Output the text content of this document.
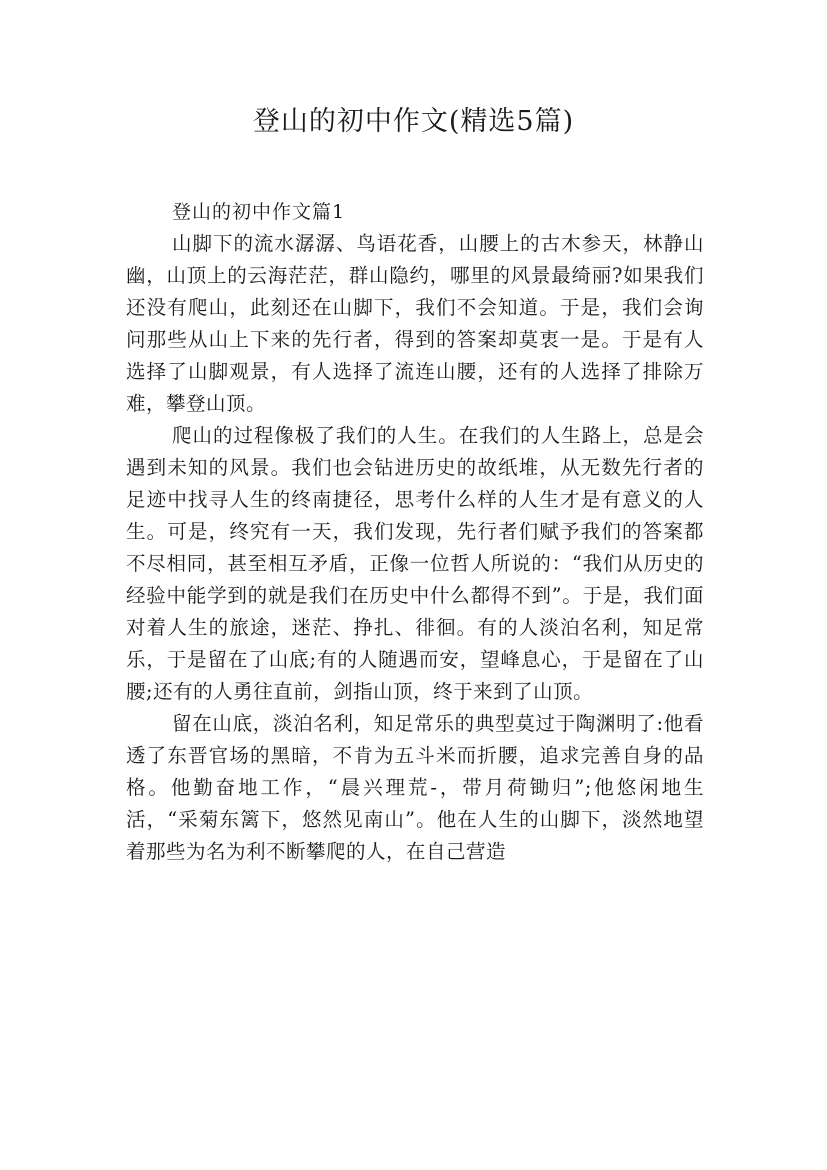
登山的初中作文(精选5篇)

登山的初中作文篇1

山脚下的流水潺潺、鸟语花香，山腰上的古木参天，林静山幽，山顶上的云海茫茫，群山隐约，哪里的风景最绮丽?如果我们还没有爬山，此刻还在山脚下，我们不会知道。于是，我们会询问那些从山上下来的先行者，得到的答案却莫衷一是。于是有人选择了山脚观景，有人选择了流连山腰，还有的人选择了排除万难，攀登山顶。

爬山的过程像极了我们的人生。在我们的人生路上，总是会遇到未知的风景。我们也会钻进历史的故纸堆，从无数先行者的足迹中找寻人生的终南捷径，思考什么样的人生才是有意义的人生。可是，终究有一天，我们发现，先行者们赋予我们的答案都不尽相同，甚至相互矛盾，正像一位哲人所说的：“我们从历史的经验中能学到的就是我们在历史中什么都得不到”。于是，我们面对着人生的旅途，迷茫、挣扎、徘徊。有的人淡泊名利，知足常乐，于是留在了山底;有的人随遇而安，望峰息心，于是留在了山腰;还有的人勇往直前，剑指山顶，终于来到了山顶。

留在山底，淡泊名利，知足常乐的典型莫过于陶渊明了:他看透了东晋官场的黑暗，不肯为五斗米而折腰，追求完善自身的品格。他勤奋地工作，“晨兴理荒-，带月荷锄归”;他悠闲地生活，“采菊东篱下，悠然见南山”。他在人生的山脚下，淡然地望着那些为名为利不断攀爬的人，在自己营造
